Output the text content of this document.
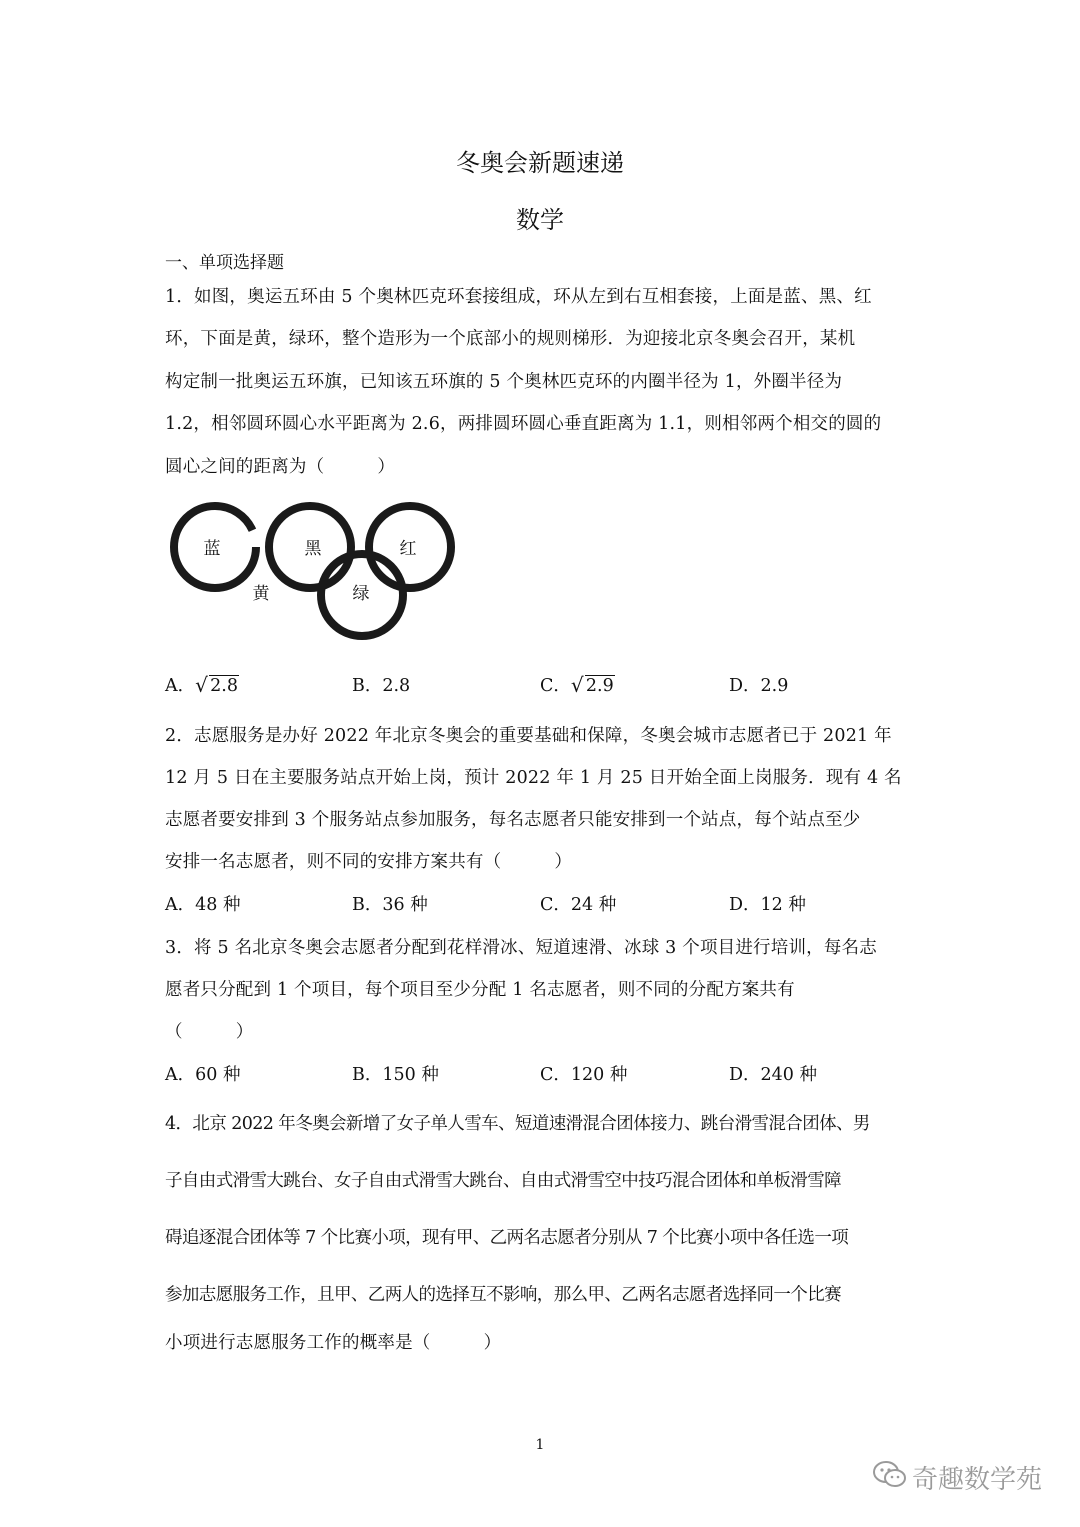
冬奥会新题速递
数学
一、单项选择题
1．如图，奥运五环由 5 个奥林匹克环套接组成，环从左到右互相套接，上面是蓝、黑、红
环，下面是黄，绿环，整个造形为一个底部小的规则梯形．为迎接北京冬奥会召开，某机
构定制一批奥运五环旗，已知该五环旗的 5 个奥林匹克环的内圈半径为 1，外圈半径为
1.2，相邻圆环圆心水平距离为 2.6，两排圆环圆心垂直距离为 1.1，则相邻两个相交的圆的
圆心之间的距离为（　　　）
蓝	黑	红
黄	绿
A． √ 2.8	B．2.8	C． √ 2.9	D．2.9
2．志愿服务是办好 2022 年北京冬奥会的重要基础和保障，冬奥会城市志愿者已于 2021 年
12 月 5 日在主要服务站点开始上岗，预计 2022 年 1 月 25 日开始全面上岗服务．现有 4 名
志愿者要安排到 3 个服务站点参加服务，每名志愿者只能安排到一个站点，每个站点至少
安排一名志愿者，则不同的安排方案共有（　　　）
A．48 种	B．36 种	C．24 种	D．12 种
3．将 5 名北京冬奥会志愿者分配到花样滑冰、短道速滑、冰球 3 个项目进行培训，每名志
愿者只分配到 1 个项目，每个项目至少分配 1 名志愿者，则不同的分配方案共有
（　　　）
A．60 种	B．150 种	C．120 种	D．240 种
4．北京 2022 年冬奥会新增了女子单人雪车、短道速滑混合团体接力、跳台滑雪混合团体、男
子自由式滑雪大跳台、女子自由式滑雪大跳台、自由式滑雪空中技巧混合团体和单板滑雪障
碍追逐混合团体等 7 个比赛小项，现有甲、乙两名志愿者分别从 7 个比赛小项中各任选一项
参加志愿服务工作，且甲、乙两人的选择互不影响，那么甲、乙两名志愿者选择同一个比赛
小项进行志愿服务工作的概率是（　　　）
1
奇趣数学苑
